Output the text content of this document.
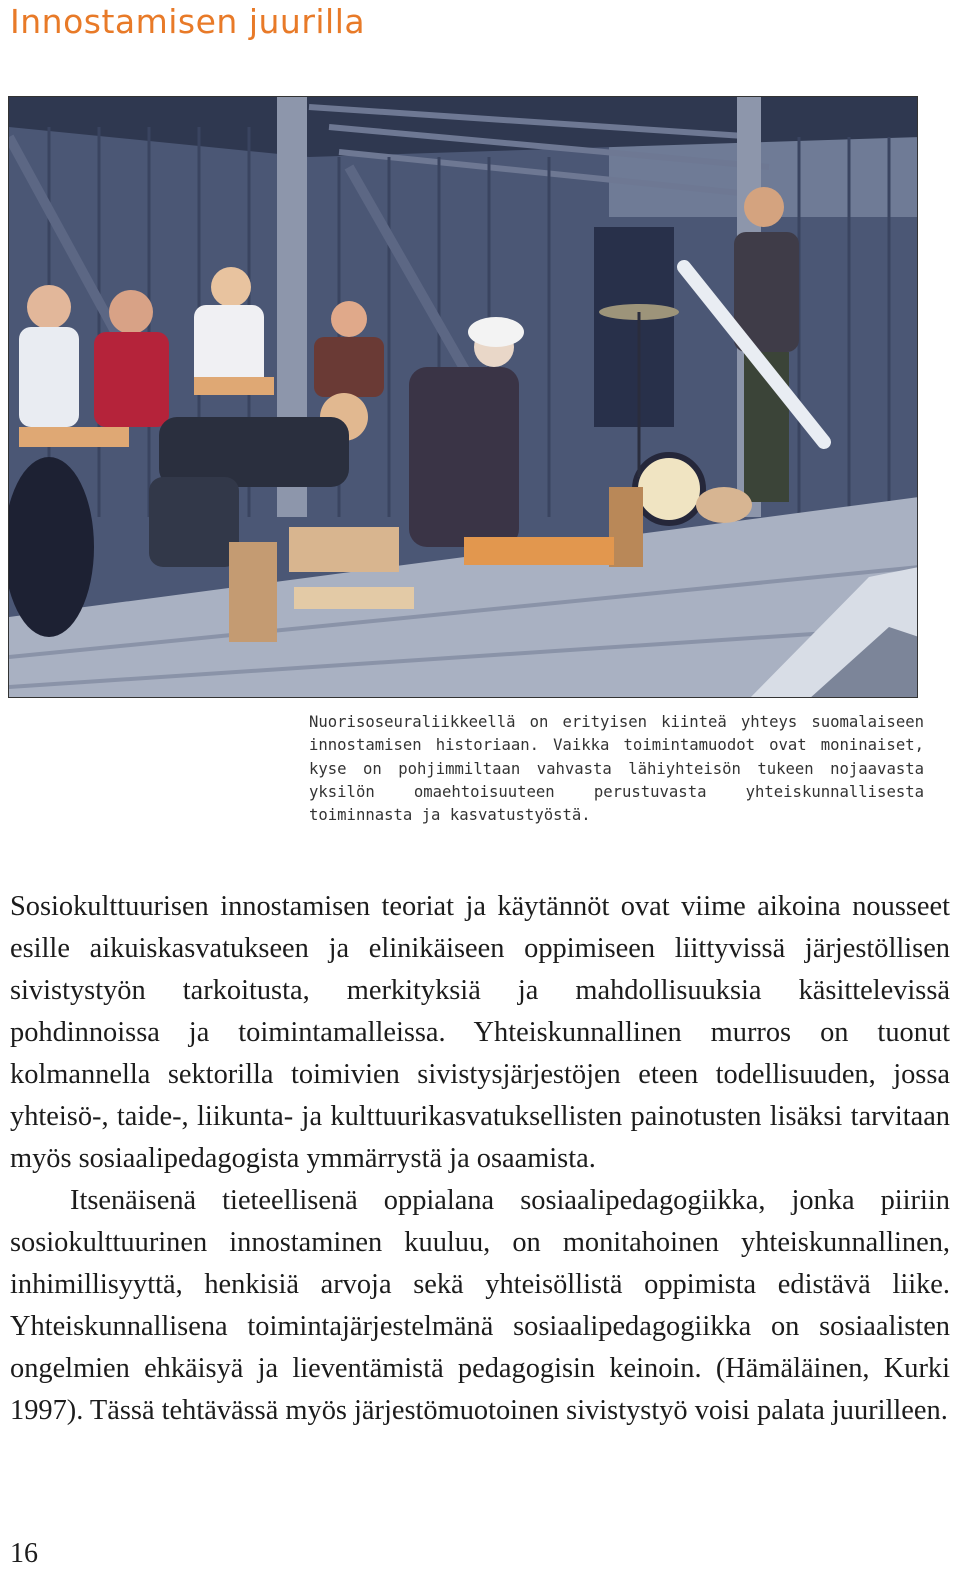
Innostamisen juurilla
Nuorisoseuraliikkeellä on erityisen kiinteä yhteys suomalaiseen innostamisen historiaan. Vaikka toimintamuodot ovat moninaiset, kyse on pohjimmiltaan vahvasta lähiyhteisön tukeen nojaavasta yksilön omaehtoisuuteen perustuvasta yhteiskunnallisesta toiminnasta ja kasvatustyöstä.

Sosiokulttuurisen innostamisen teoriat ja käytännöt ovat viime aikoina nousseet esille aikuiskasvatukseen ja elinikäiseen oppimiseen liittyvissä järjestöllisen sivistystyön tarkoitusta, merkityksiä ja mahdollisuuksia käsittelevissä pohdinnoissa ja toimintamalleissa. Yhteiskunnallinen murros on tuonut kolmannella sektorilla toimivien sivistysjärjestöjen eteen todellisuuden, jossa yhteisö-, taide-, liikunta- ja kulttuurikasvatuksellisten painotusten lisäksi tarvitaan myös sosiaalipedagogista ymmärrystä ja osaamista.

Itsenäisenä tieteellisenä oppialana sosiaalipedagogiikka, jonka piiriin sosiokulttuurinen innostaminen kuuluu, on monitahoinen yhteiskunnallinen, inhimillisyyttä, henkisiä arvoja sekä yhteisöllistä oppimista edistävä liike. Yhteiskunnallisena toimintajärjestelmänä sosiaalipedagogiikka on sosiaalisten ongelmien ehkäisyä ja lieventämistä pedagogisin keinoin. (Hämäläinen, Kurki 1997). Tässä tehtävässä myös järjestömuotoinen sivistystyö voisi palata juurilleen.

16
